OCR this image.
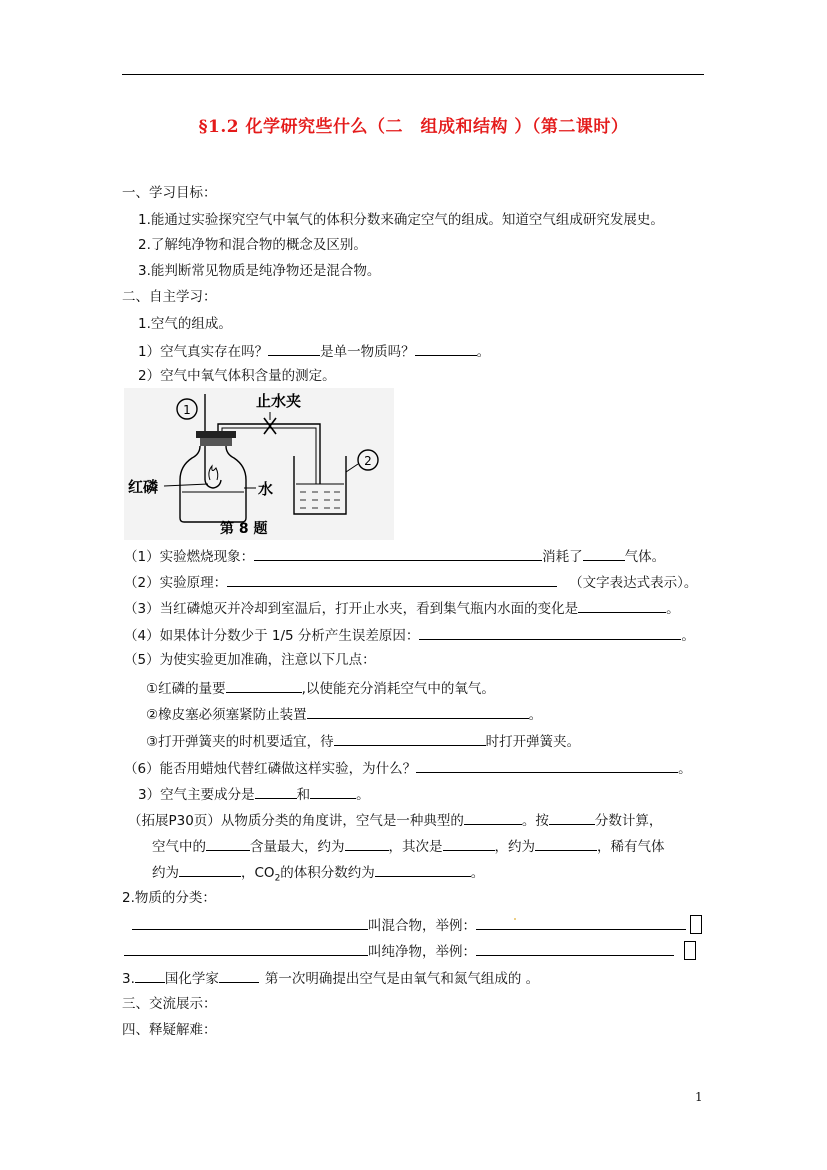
§1.2 化学研究些什么（二　组成和结构 ）（第二课时）
一、学习目标：
1.能通过实验探究空气中氧气的体积分数来确定空气的组成。知道空气组成研究发展史。
2.了解纯净物和混合物的概念及区别。
3.能判断常见物质是纯净物还是混合物。
二、自主学习：
1.空气的组成。
1）空气真实存在吗？	是单一物质吗？	。
2）空气中氧气体积含量的测定。
1	止水夹
2
红磷	水
第 8 题
（1）实验燃烧现象：	消耗了	气体。
（2）实验原理：	（文字表达式表示）。
（3）当红磷熄灭并冷却到室温后，打开止水夹，看到集气瓶内水面的变化是	。
（4）如果体计分数少于 1/5 分析产生误差原因：	。
（5）为使实验更加准确，注意以下几点：
①红磷的量要	,以使能充分消耗空气中的氧气。
②橡皮塞必须塞紧防止装置	。
③打开弹簧夹的时机要适宜，待	时打开弹簧夹。
（6）能否用蜡烛代替红磷做这样实验，为什么？	。
3）空气主要成分是	和	。
（拓展P30页）从物质分类的角度讲，空气是一种典型的	。按	分数计算，
空气中的	含量最大，约为	，其次是	，约为	，稀有气体
约为	，$CO_2$的体积分数约为	。
2.物质的分类：
叫混合物，举例：
叫纯净物，举例：
3. 国化学家	第一次明确提出空气是由氧气和氮气组成的 。
三、交流展示：
四、释疑解难：
1
